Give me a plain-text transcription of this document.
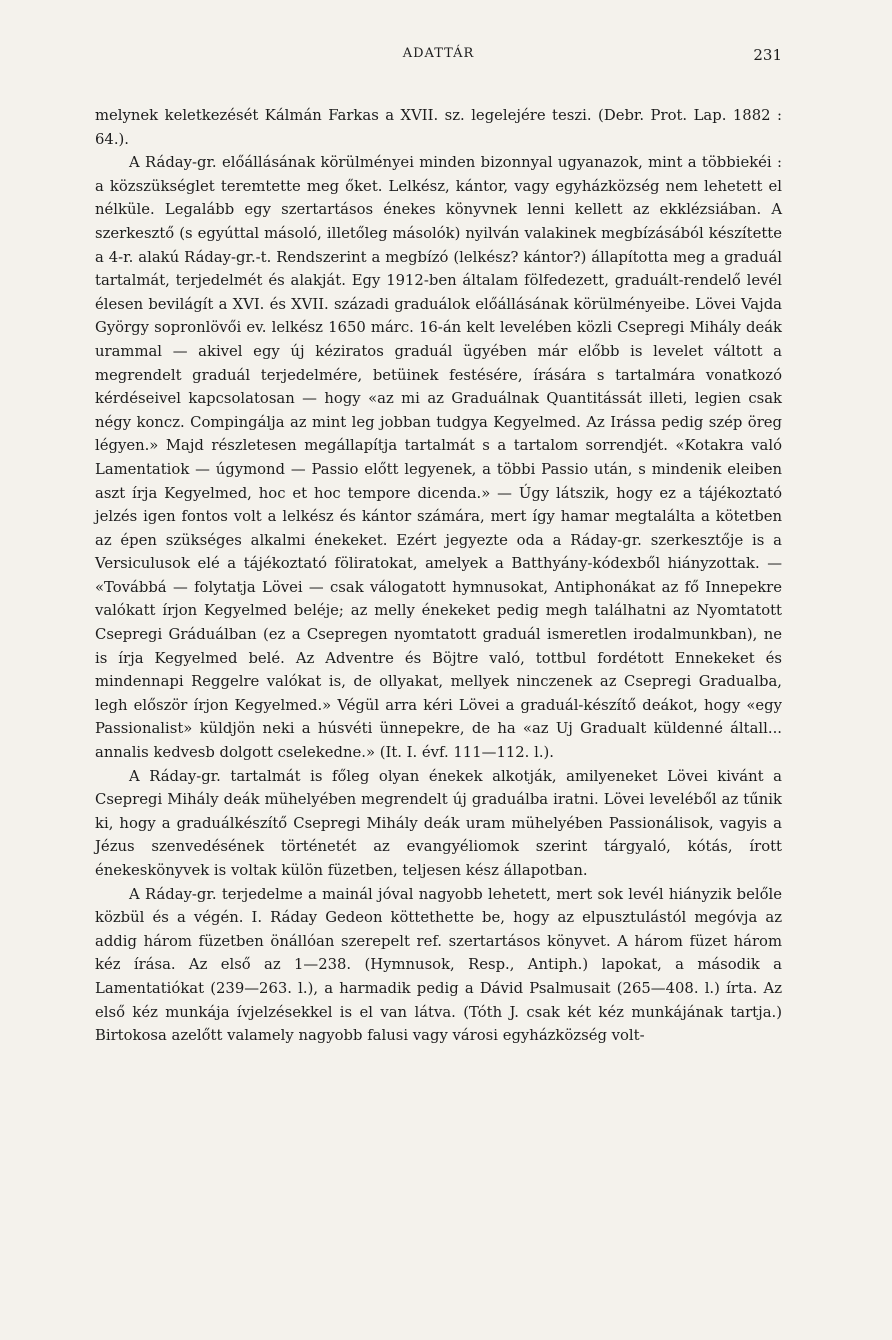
ADATTÁR	231

melynek keletkezését Kálmán Farkas a XVII. sz. legelejére teszi. (Debr. Prot. Lap. 1882 : 64.).

A Ráday-gr. előállásának körülményei minden bizonnyal ugyanazok, mint a többiekéi : a közszükséglet teremtette meg őket. Lelkész, kántor, vagy egyházközség nem lehetett el nélküle. Legalább egy szertartásos énekes könyvnek lenni kellett az ekklézsiában. A szerkesztő (s egyúttal másoló, illetőleg másolók) nyilván valakinek megbízásából készítette a 4-r. alakú Ráday-gr.-t. Rendszerint a megbízó (lelkész? kántor?) állapította meg a graduál tartalmát, terjedelmét és alakját. Egy 1912-ben általam fölfedezett, graduált-rendelő levél élesen bevilágít a XVI. és XVII. századi graduálok előállásának körülményeibe. Lövei Vajda György sopronlövői ev. lelkész 1650 márc. 16-án kelt levelében közli Csepregi Mihály deák urammal — akivel egy új kéziratos graduál ügyében már előbb is levelet váltott a megrendelt graduál terjedelmére, betüinek festésére, írására s tartalmára vonatkozó kérdéseivel kapcsolatosan — hogy «az mi az Graduálnak Quantitássát illeti, legien csak négy koncz. Compingálja az mint leg jobban tudgya Kegyelmed. Az Irássa pedig szép öreg légyen.» Majd részletesen megállapítja tartalmát s a tartalom sorrendjét. «Kotakra való Lamentatiok — úgymond — Passio előtt legyenek, a többi Passio után, s mindenik eleiben aszt írja Kegyelmed, hoc et hoc tempore dicenda.» — Úgy látszik, hogy ez a tájékoztató jelzés igen fontos volt a lelkész és kántor számára, mert így hamar megtalálta a kötetben az épen szükséges alkalmi énekeket. Ezért jegyezte oda a Ráday-gr. szerkesztője is a Versiculusok elé a tájékoztató föliratokat, amelyek a Batthyány-kódexből hiányzottak. — «Továbbá — folytatja Lövei — csak válogatott hymnusokat, Antiphonákat az fő Innepekre valókatt írjon Kegyelmed beléje; az melly énekeket pedig megh találhatni az Nyomtatott Csepregi Gráduálban (ez a Csepregen nyomtatott graduál ismeretlen irodalmunkban), ne is írja Kegyelmed belé. Az Adventre és Böjtre való, tottbul fordétott Ennekeket és mindennapi Reggelre valókat is, de ollyakat, mellyek ninczenek az Csepregi Gradualba, legh először írjon Kegyelmed.» Végül arra kéri Lövei a graduál-készítő deákot, hogy «egy Passionalist» küldjön neki a húsvéti ünnepekre, de ha «az Uj Gradualt küldenné általl... annalis kedvesb dolgott cselekedne.» (It. I. évf. 111—112. l.).

A Ráday-gr. tartalmát is főleg olyan énekek alkotják, amilyeneket Lövei kivánt a Csepregi Mihály deák mühelyében megrendelt új graduálba iratni. Lövei leveléből az tűnik ki, hogy a graduálkészítő Csepregi Mihály deák uram mühelyében Passionálisok, vagyis a Jézus szenvedésének történetét az evangyéliomok szerint tárgyaló, kótás, írott énekeskönyvek is voltak külön füzetben, teljesen kész állapotban.

A Ráday-gr. terjedelme a mainál jóval nagyobb lehetett, mert sok levél hiányzik belőle közbül és a végén. I. Ráday Gedeon köttethette be, hogy az elpusztulástól megóvja az addig három füzetben önállóan szerepelt ref. szertartásos könyvet. A három füzet három kéz írása. Az első az 1—238. (Hymnusok, Resp., Antiph.) lapokat, a második a Lamentatiókat (239—263. l.), a harmadik pedig a Dávid Psalmusait (265—408. l.) írta. Az első kéz munkája ívjelzésekkel is el van látva. (Tóth J. csak két kéz munkájának tartja.) Birtokosa azelőtt valamely nagyobb falusi vagy városi egyházközség volt-
